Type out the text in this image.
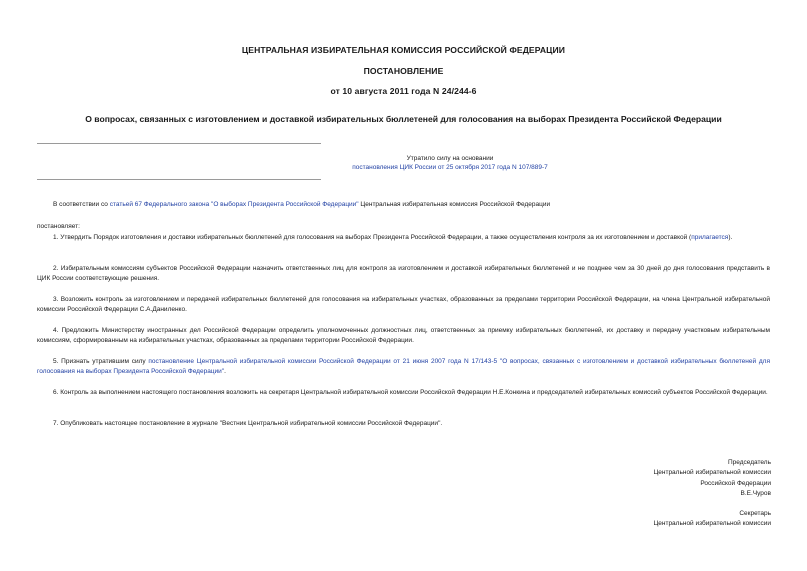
ЦЕНТРАЛЬНАЯ ИЗБИРАТЕЛЬНАЯ КОМИССИЯ РОССИЙСКОЙ ФЕДЕРАЦИИ
ПОСТАНОВЛЕНИЕ
от 10 августа 2011 года N 24/244-6
О вопросах, связанных с изготовлением и доставкой избирательных бюллетеней для голосования на выборах Президента Российской Федерации
Утратило силу на основании
постановления ЦИК России от 25 октября 2017 года N 107/889-7
В соответствии со статьей 67 Федерального закона "О выборах Президента Российской Федерации" Центральная избирательная комиссия Российской Федерации
постановляет:
1. Утвердить Порядок изготовления и доставки избирательных бюллетеней для голосования на выборах Президента Российской Федерации, а также осуществления контроля за их изготовлением и доставкой (прилагается).
2. Избирательным комиссиям субъектов Российской Федерации назначить ответственных лиц для контроля за изготовлением и доставкой избирательных бюллетеней и не позднее чем за 30 дней до дня голосования представить в ЦИК России соответствующие решения.
3. Возложить контроль за изготовлением и передачей избирательных бюллетеней для голосования на избирательных участках, образованных за пределами территории Российской Федерации, на члена Центральной избирательной комиссии Российской Федерации С.А.Даниленко.
4. Предложить Министерству иностранных дел Российской Федерации определить уполномоченных должностных лиц, ответственных за приемку избирательных бюллетеней, их доставку и передачу участковым избирательным комиссиям, сформированным на избирательных участках, образованных за пределами территории Российской Федерации.
5. Признать утратившим силу постановление Центральной избирательной комиссии Российской Федерации от 21 июня 2007 года N 17/143-5 "О вопросах, связанных с изготовлением и доставкой избирательных бюллетеней для голосования на выборах Президента Российской Федерации".
6. Контроль за выполнением настоящего постановления возложить на секретаря Центральной избирательной комиссии Российской Федерации Н.Е.Конкина и председателей избирательных комиссий субъектов Российской Федерации.
7. Опубликовать настоящее постановление в журнале "Вестник Центральной избирательной комиссии Российской Федерации".
Председатель
Центральной избирательной комиссии
Российской Федерации
В.Е.Чуров
Секретарь
Центральной избирательной комиссии
